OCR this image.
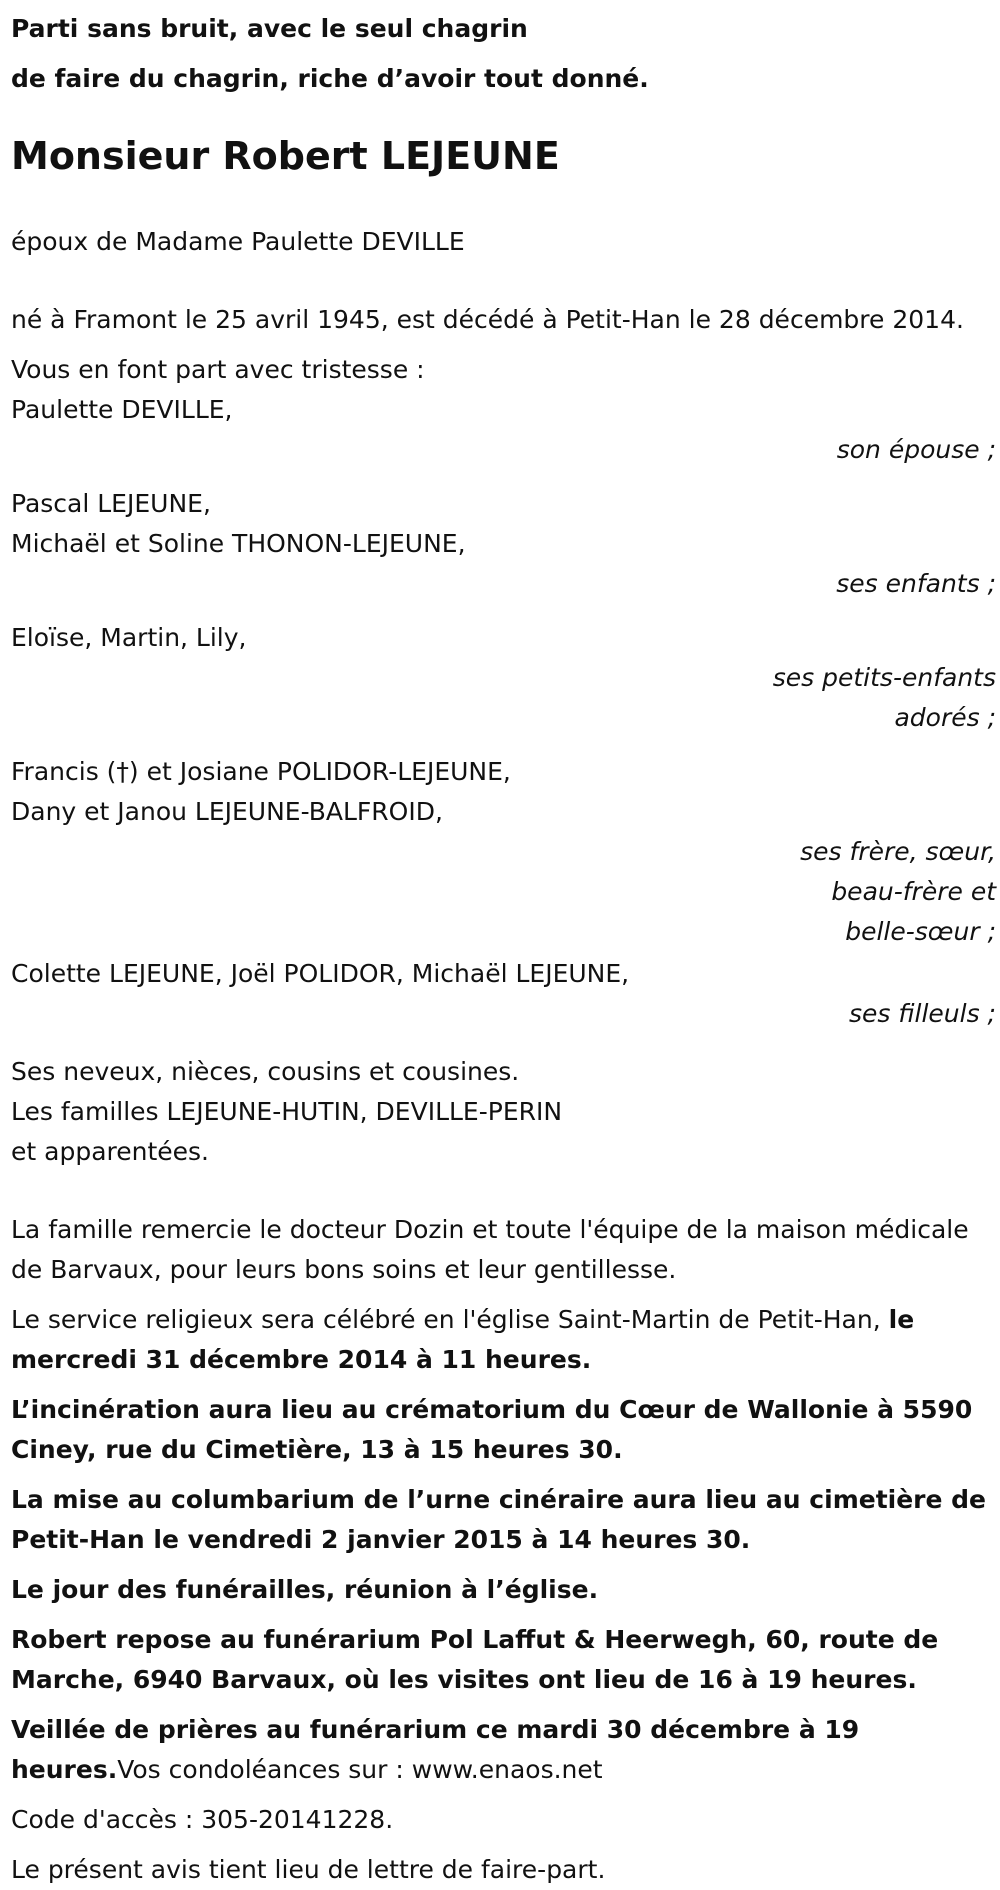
Parti sans bruit, avec le seul chagrin
de faire du chagrin, riche d’avoir tout donné.

Monsieur Robert LEJEUNE

époux de Madame Paulette DEVILLE

né à Framont le 25 avril 1945, est décédé à Petit-Han le 28 décembre 2014.

Vous en font part avec tristesse :

Paulette DEVILLE,

son épouse ;

Pascal LEJEUNE,
Michaël et Soline THONON-LEJEUNE,

ses enfants ;

Eloïse, Martin, Lily,

ses petits-enfants
adorés ;

Francis (†) et Josiane POLIDOR-LEJEUNE,
Dany et Janou LEJEUNE-BALFROID,

ses frère, sœur,
beau-frère et
belle-sœur ;

Colette LEJEUNE, Joël POLIDOR, Michaël LEJEUNE,

ses filleuls ;

Ses neveux, nièces, cousins et cousines.
Les familles LEJEUNE-HUTIN, DEVILLE-PERIN
et apparentées.

La famille remercie le docteur Dozin et toute l'équipe de la maison médicale de Barvaux, pour leurs bons soins et leur gentillesse.

Le service religieux sera célébré en l'église Saint-Martin de Petit-Han, le mercredi 31 décembre 2014 à 11 heures.

L’incinération aura lieu au crématorium du Cœur de Wallonie à 5590 Ciney, rue du Cimetière, 13 à 15 heures 30.

La mise au columbarium de l’urne cinéraire aura lieu au cimetière de Petit-Han le vendredi 2 janvier 2015 à 14 heures 30.

Le jour des funérailles, réunion à l’église.

Robert repose au funérarium Pol Laffut & Heerwegh, 60, route de Marche, 6940 Barvaux, où les visites ont lieu de 16 à 19 heures.

Veillée de prières au funérarium ce mardi 30 décembre à 19 heures.Vos condoléances sur : www.enaos.net

Code d'accès : 305-20141228.

Le présent avis tient lieu de lettre de faire-part.
